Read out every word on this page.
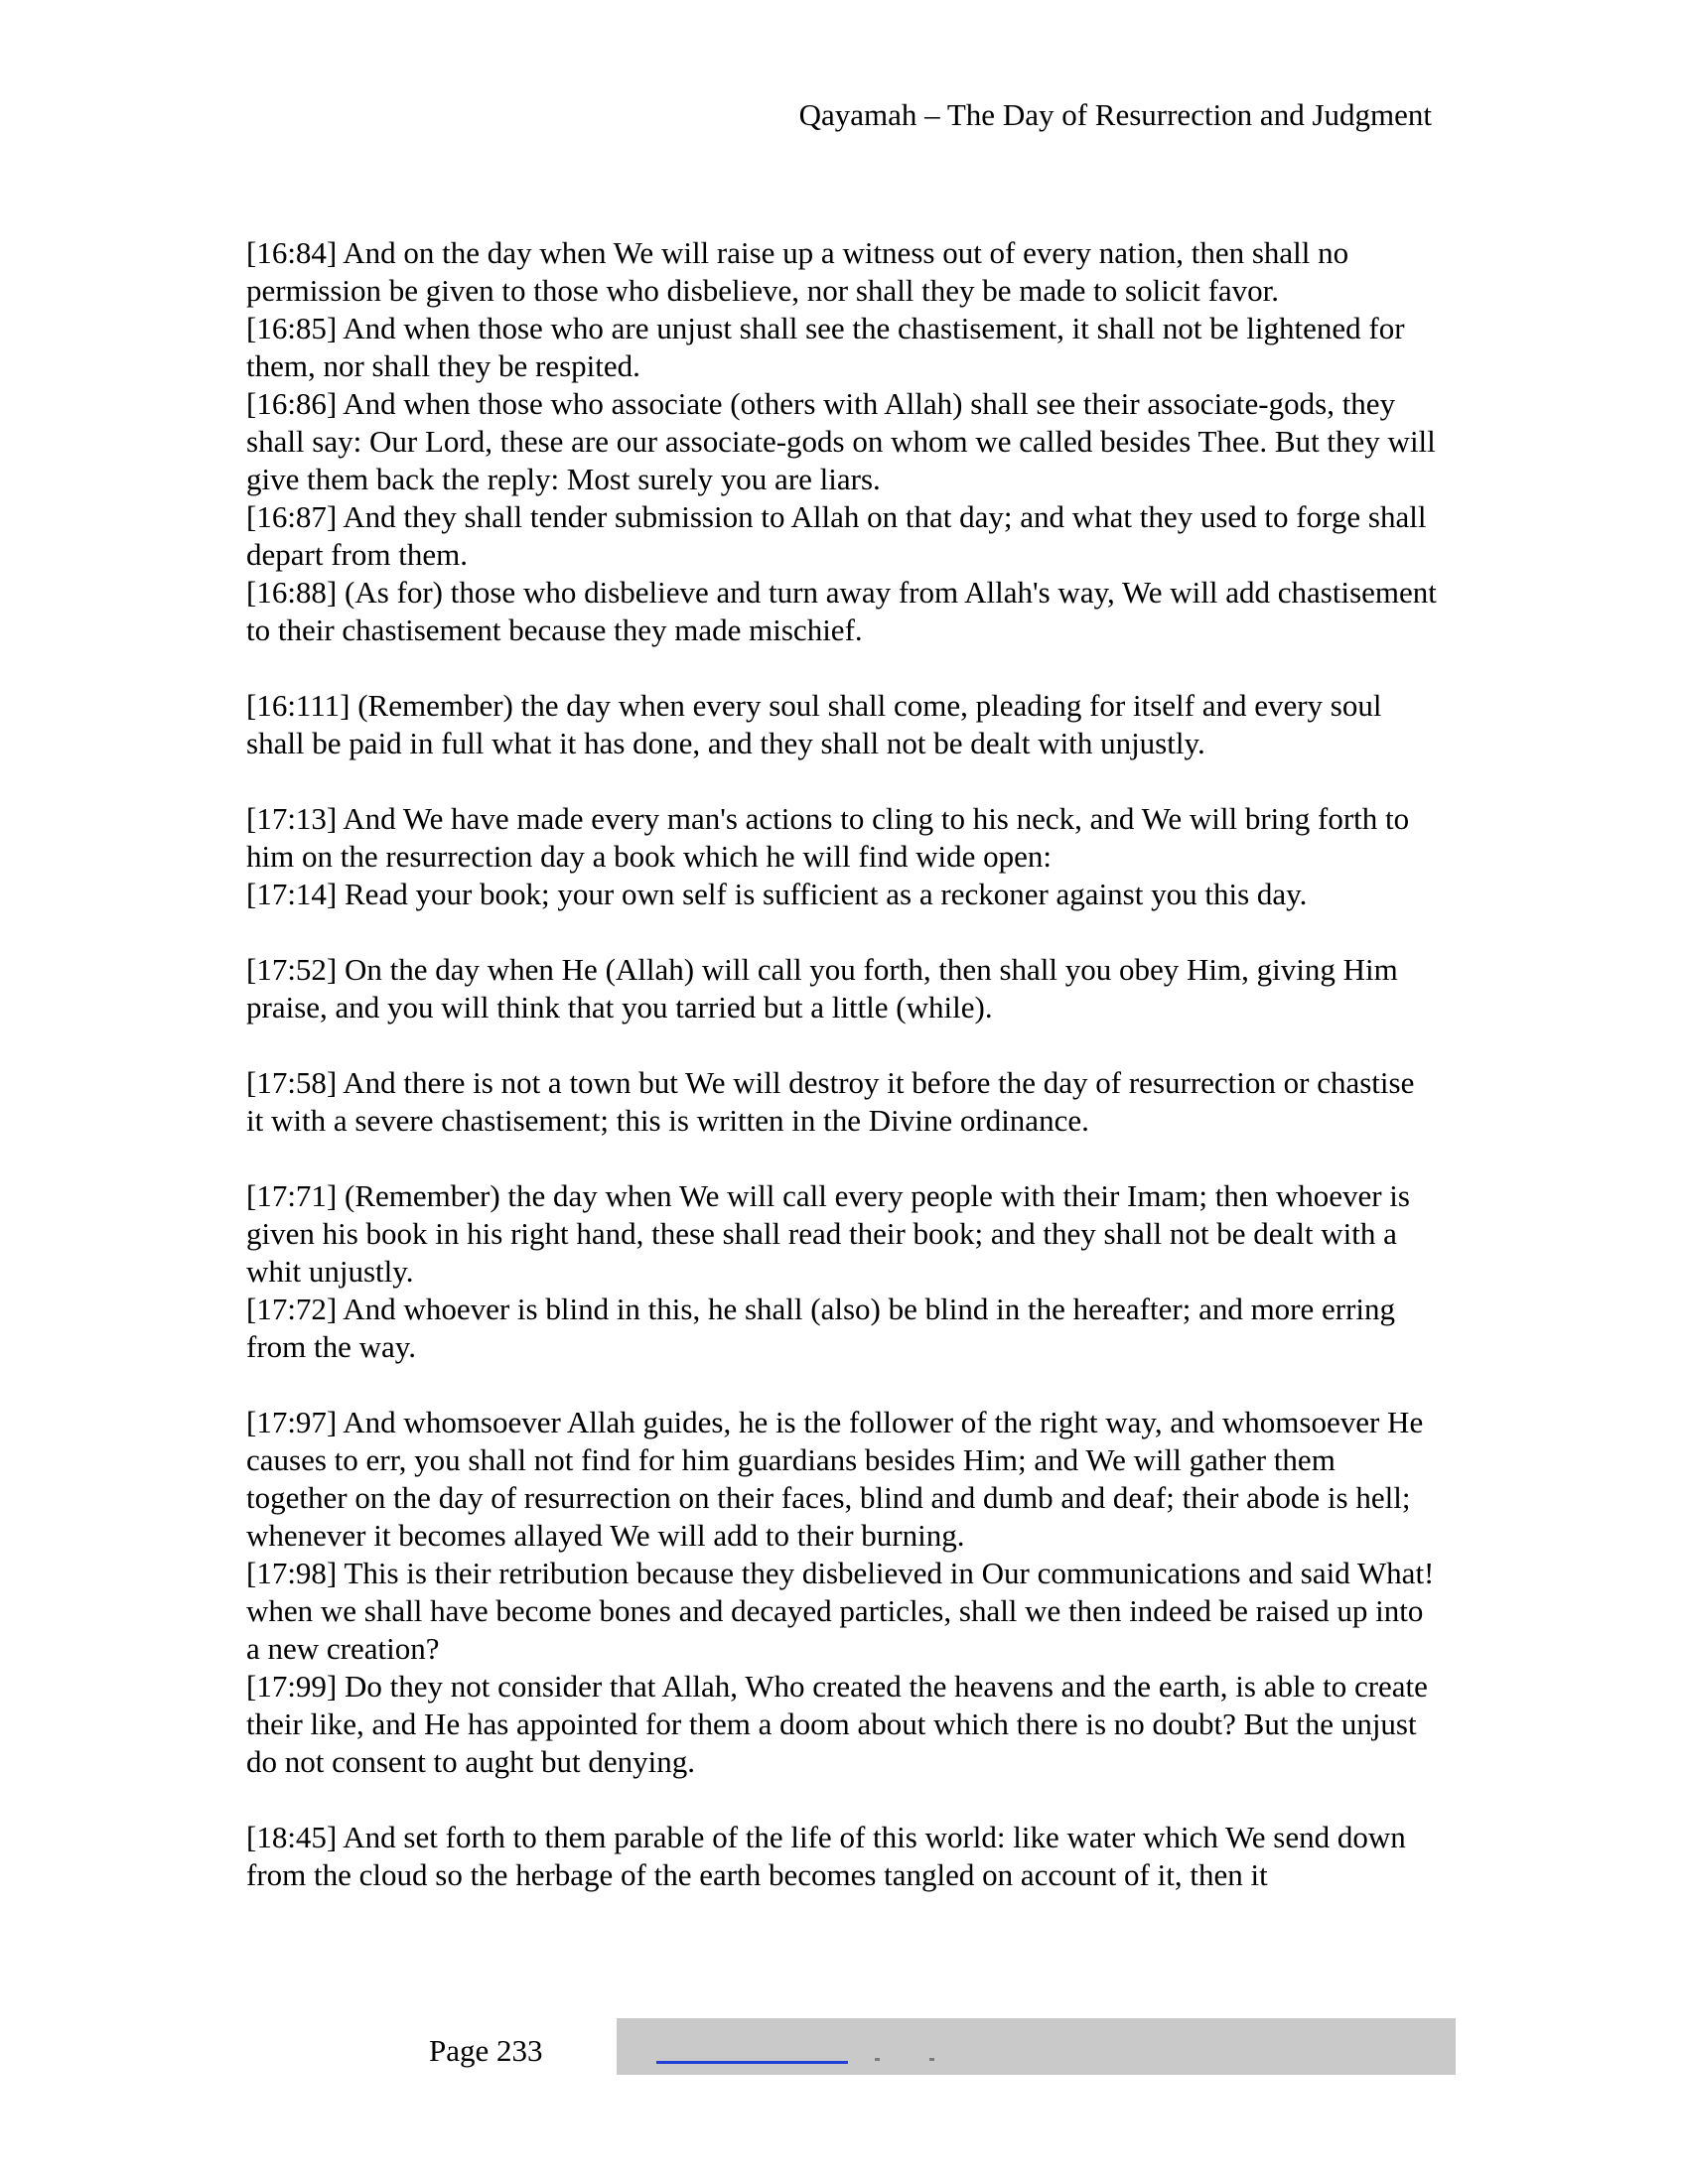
Qayamah – The Day of Resurrection and Judgment

[16:84] And on the day when We will raise up a witness out of every nation, then shall no permission be given to those who disbelieve, nor shall they be made to solicit favor.

[16:85] And when those who are unjust shall see the chastisement, it shall not be lightened for them, nor shall they be respited.

[16:86] And when those who associate (others with Allah) shall see their associate-gods, they shall say: Our Lord, these are our associate-gods on whom we called besides Thee. But they will give them back the reply: Most surely you are liars.

[16:87] And they shall tender submission to Allah on that day; and what they used to forge shall depart from them.

[16:88] (As for) those who disbelieve and turn away from Allah's way, We will add chastisement to their chastisement because they made mischief.

[16:111] (Remember) the day when every soul shall come, pleading for itself and every soul shall be paid in full what it has done, and they shall not be dealt with unjustly.

[17:13] And We have made every man's actions to cling to his neck, and We will bring forth to him on the resurrection day a book which he will find wide open:

[17:14] Read your book; your own self is sufficient as a reckoner against you this day.

[17:52] On the day when He (Allah) will call you forth, then shall you obey Him, giving Him praise, and you will think that you tarried but a little (while).

[17:58] And there is not a town but We will destroy it before the day of resurrection or chastise it with a severe chastisement; this is written in the Divine ordinance.

[17:71] (Remember) the day when We will call every people with their Imam; then whoever is given his book in his right hand, these shall read their book; and they shall not be dealt with a whit unjustly.

[17:72] And whoever is blind in this, he shall (also) be blind in the hereafter; and more erring from the way.

[17:97] And whomsoever Allah guides, he is the follower of the right way, and whomsoever He causes to err, you shall not find for him guardians besides Him; and We will gather them together on the day of resurrection on their faces, blind and dumb and deaf; their abode is hell; whenever it becomes allayed We will add to their burning.

[17:98] This is their retribution because they disbelieved in Our communications and said What! when we shall have become bones and decayed particles, shall we then indeed be raised up into a new creation?

[17:99] Do they not consider that Allah, Who created the heavens and the earth, is able to create their like, and He has appointed for them a doom about which there is no doubt? But the unjust do not consent to aught but denying.

[18:45] And set forth to them parable of the life of this world: like water which We send down from the cloud so the herbage of the earth becomes tangled on account of it, then it

Page 233
